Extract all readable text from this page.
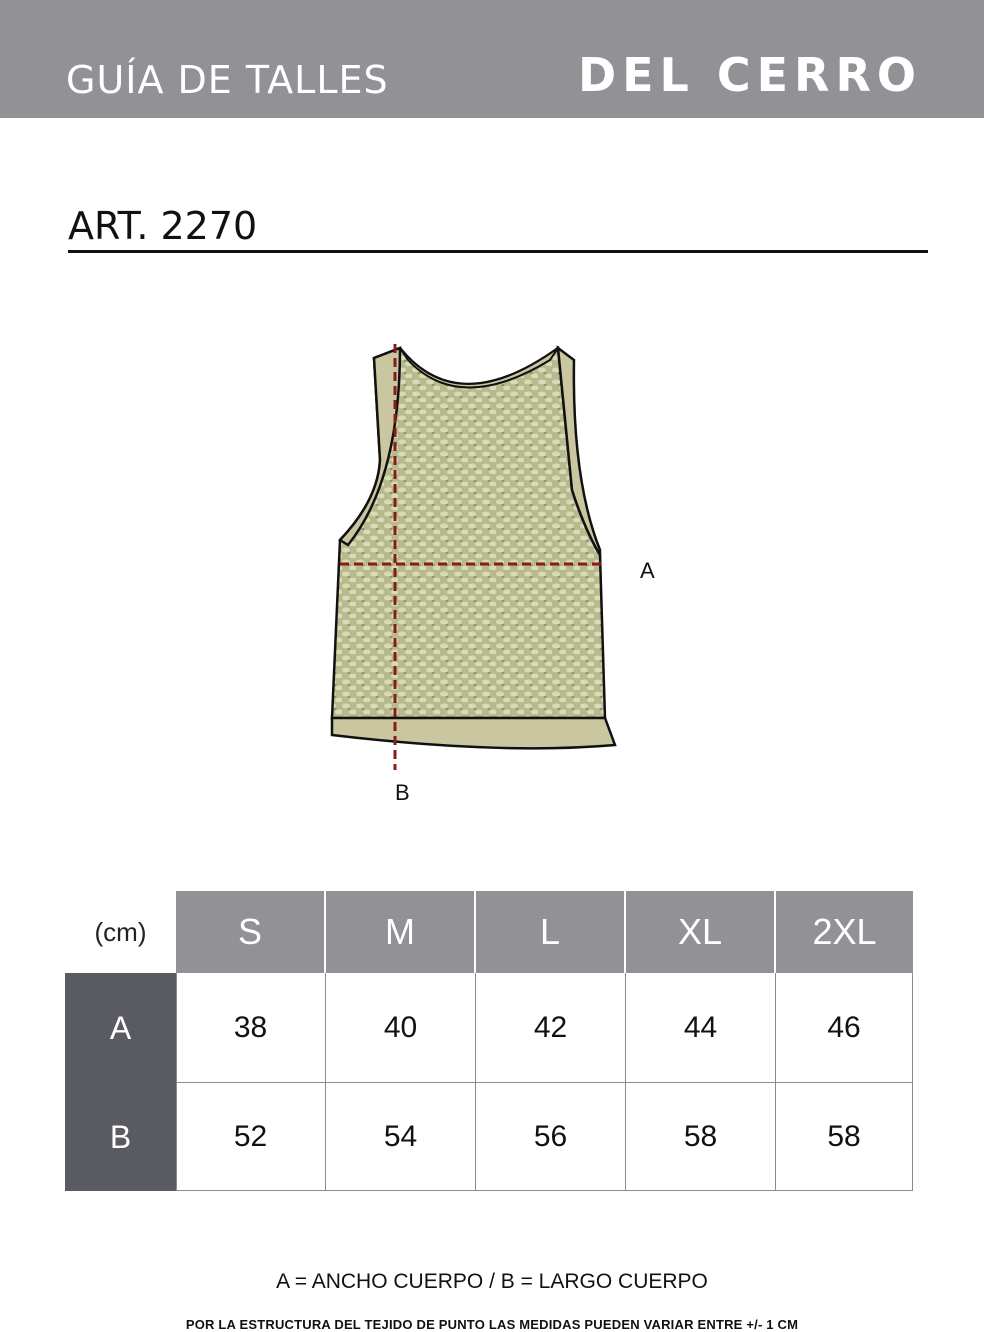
GUÍA DE TALLES	DEL CERRO
ART. 2270
A
B
(cm)	S	M	L	XL	2XL
A	38	40	42	44	46
B	52	54	56	58	58
A = ANCHO CUERPO / B = LARGO CUERPO
POR LA ESTRUCTURA DEL TEJIDO DE PUNTO LAS MEDIDAS PUEDEN VARIAR ENTRE +/- 1 CM
